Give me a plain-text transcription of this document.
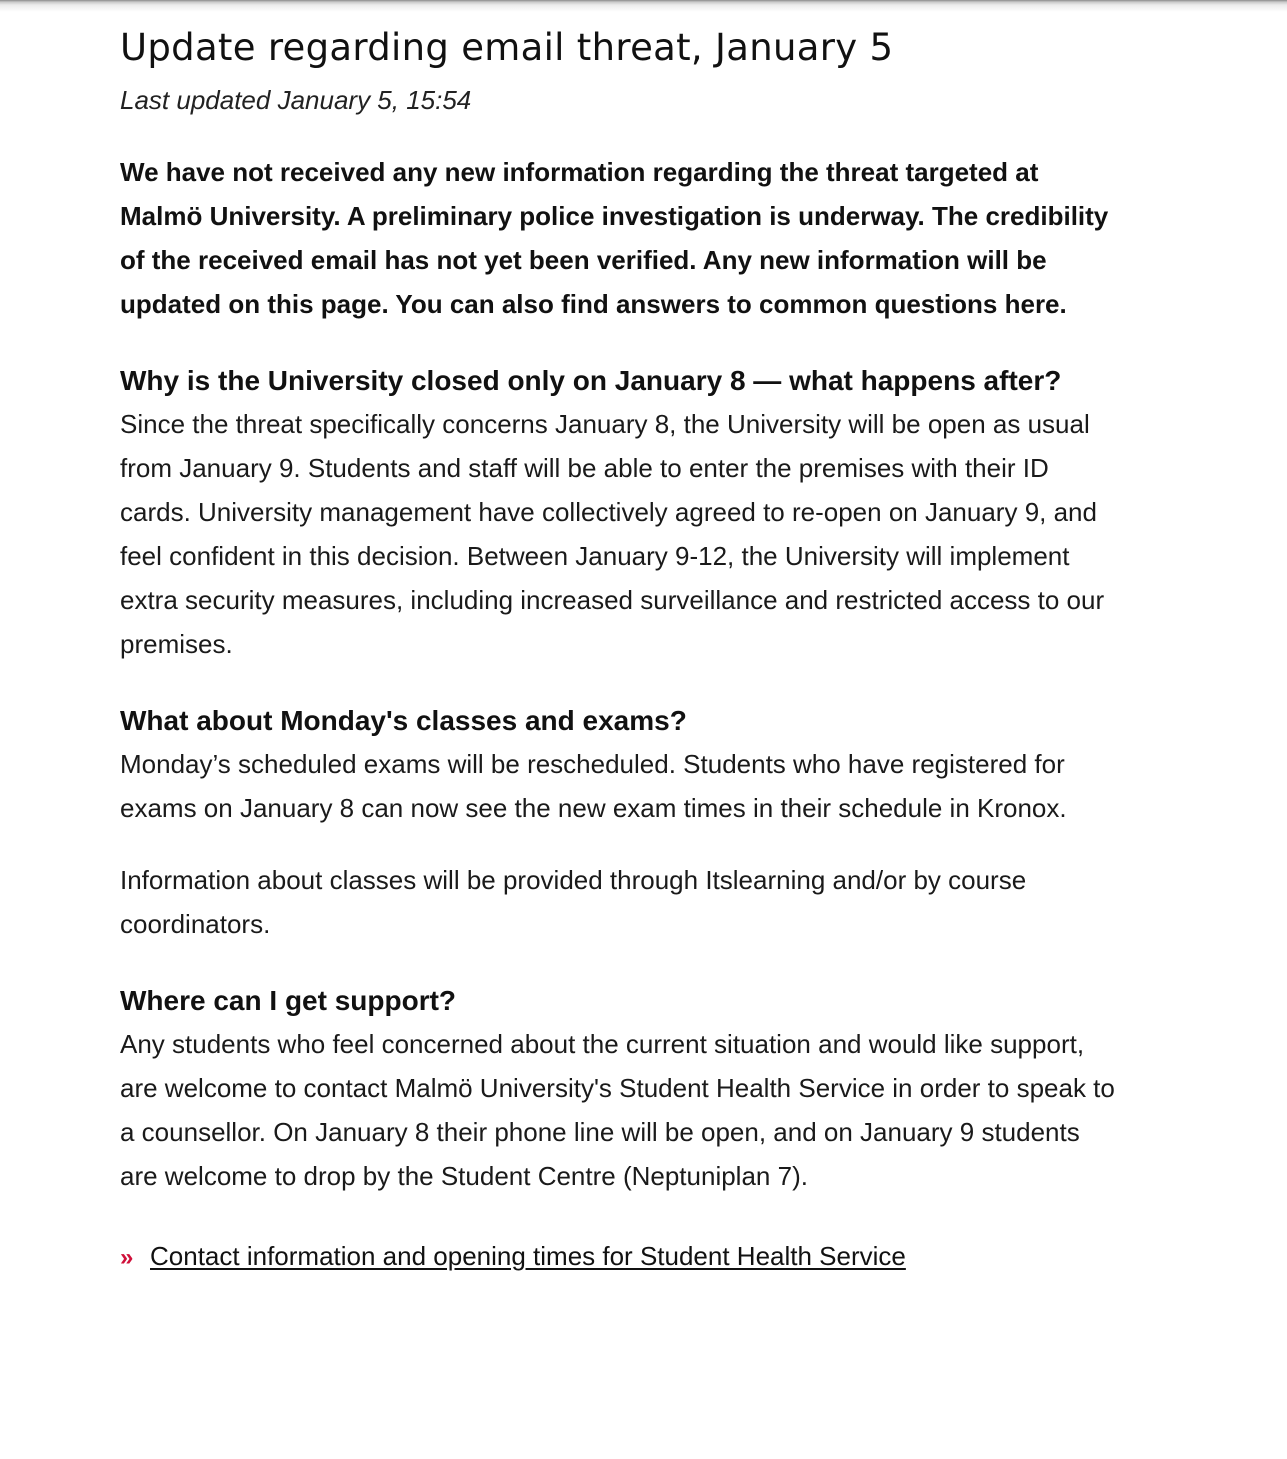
Update regarding email threat, January 5

Last updated January 5, 15:54

We have not received any new information regarding the threat targeted at Malmö University. A preliminary police investigation is underway. The credibility of the received email has not yet been verified. Any new information will be updated on this page. You can also find answers to common questions here.

Why is the University closed only on January 8 — what happens after?

Since the threat specifically concerns January 8, the University will be open as usual from January 9. Students and staff will be able to enter the premises with their ID cards. University management have collectively agreed to re-open on January 9, and feel confident in this decision. Between January 9-12, the University will implement extra security measures, including increased surveillance and restricted access to our premises.

What about Monday's classes and exams?

Monday’s scheduled exams will be rescheduled. Students who have registered for exams on January 8 can now see the new exam times in their schedule in Kronox.

Information about classes will be provided through Itslearning and/or by course coordinators.

Where can I get support?

Any students who feel concerned about the current situation and would like support, are welcome to contact Malmö University's Student Health Service in order to speak to a counsellor. On January 8 their phone line will be open, and on January 9 students are welcome to drop by the Student Centre (Neptuniplan 7).

» Contact information and opening times for Student Health Service
